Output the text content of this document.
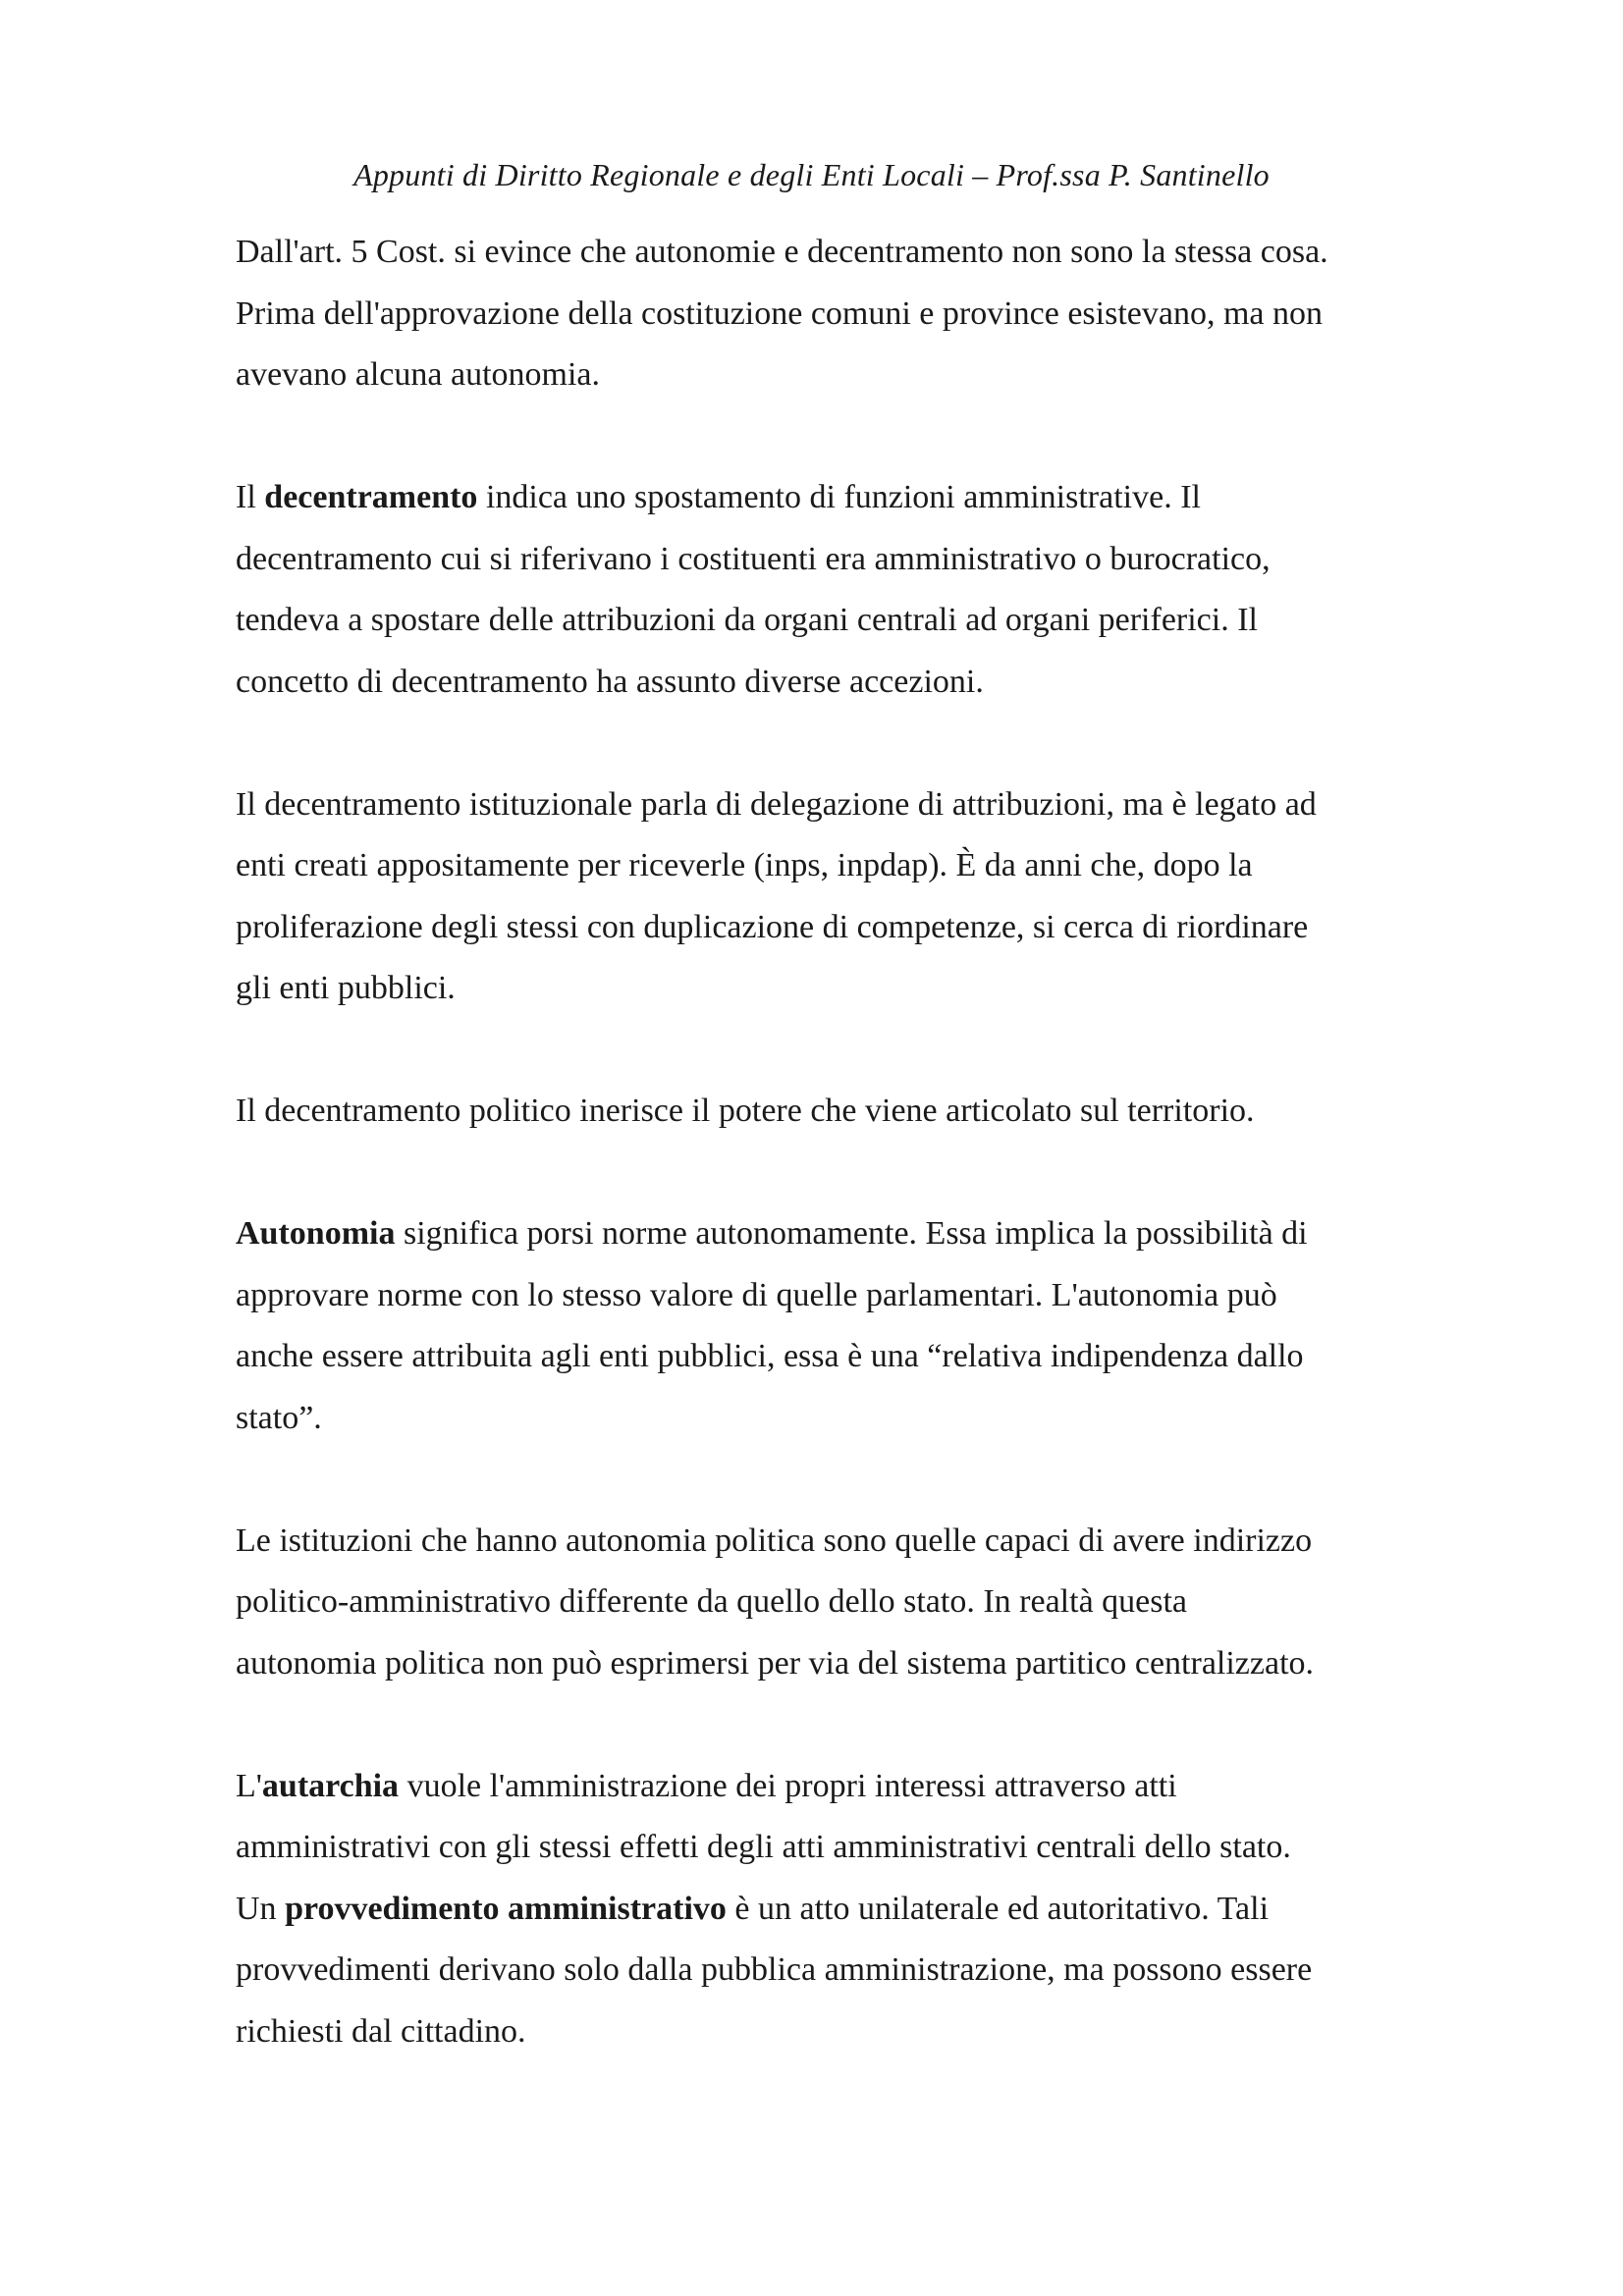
Appunti di Diritto Regionale e degli Enti Locali – Prof.ssa P. Santinello
Dall'art. 5 Cost. si evince che autonomie e decentramento non sono la stessa cosa.
Prima dell'approvazione della costituzione comuni e province esistevano, ma non
avevano alcuna autonomia.
Il decentramento indica uno spostamento di funzioni amministrative. Il
decentramento cui si riferivano i costituenti era amministrativo o burocratico,
tendeva a spostare delle attribuzioni da organi centrali ad organi periferici. Il
concetto di decentramento ha assunto diverse accezioni.
Il decentramento istituzionale parla di delegazione di attribuzioni, ma è legato ad
enti creati appositamente per riceverle (inps, inpdap). È da anni che, dopo la
proliferazione degli stessi con duplicazione di competenze, si cerca di riordinare
gli enti pubblici.
Il decentramento politico inerisce il potere che viene articolato sul territorio.
Autonomia significa porsi norme autonomamente. Essa implica la possibilità di
approvare norme con lo stesso valore di quelle parlamentari. L'autonomia può
anche essere attribuita agli enti pubblici, essa è una “relativa indipendenza dallo
stato”.
Le istituzioni che hanno autonomia politica sono quelle capaci di avere indirizzo
politico-amministrativo differente da quello dello stato. In realtà questa
autonomia politica non può esprimersi per via del sistema partitico centralizzato.
L'autarchia vuole l'amministrazione dei propri interessi attraverso atti
amministrativi con gli stessi effetti degli atti amministrativi centrali dello stato.
Un provvedimento amministrativo è un atto unilaterale ed autoritativo. Tali
provvedimenti derivano solo dalla pubblica amministrazione, ma possono essere
richiesti dal cittadino.
